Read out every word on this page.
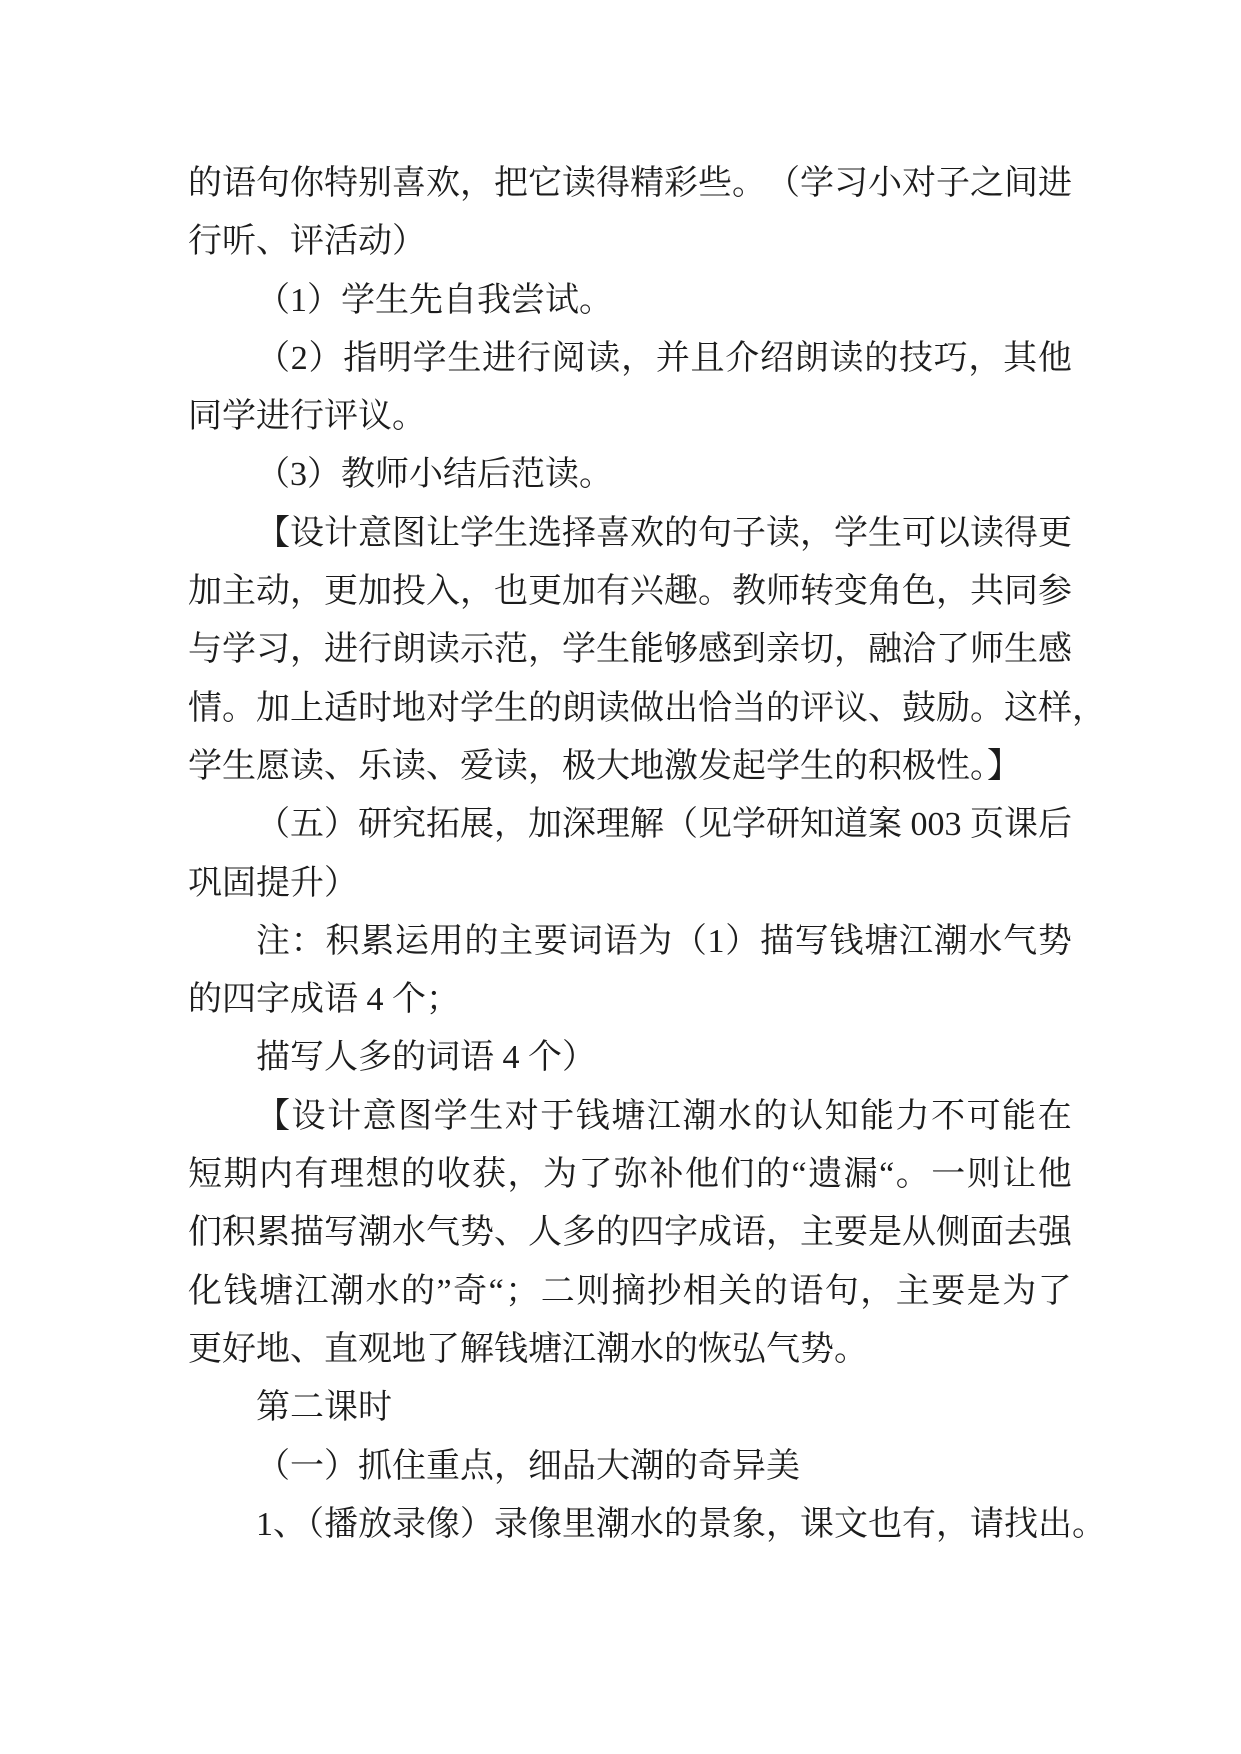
的 语 句 你 特 别 喜 欢 ， 把 它 读 得 精 彩 些 。 （ 学 习 小 对 子 之 间 进
行听、评活动）
（1）学生先自我尝试。
（ 2 ） 指 明 学 生 进 行 阅 读 ， 并 且 介 绍 朗 读 的 技 巧 ， 其 他
同学进行评议。
（3）教师小结后范读。
【 设 计 意 图 让 学 生 选 择 喜 欢 的 句 子 读 ， 学 生 可 以 读 得 更
加 主 动 ， 更 加 投 入 ， 也 更 加 有 兴 趣 。 教 师 转 变 角 色 ， 共 同 参
与 学 习 ， 进 行 朗 读 示 范 ， 学 生 能 够 感 到 亲 切 ， 融 洽 了 师 生 感
情 。 加 上 适 时 地 对 学 生 的 朗 读 做 出 恰 当 的 评 议 、 鼓 励 。 这 样 ，
学生愿读、乐读、爱读，极大地激发起学生的积极性。】
（ 五 ） 研 究 拓 展 ， 加 深 理 解 （ 见 学 研 知 道 案
0 0 3
页 课 后
巩固提升）
注 ： 积 累 运 用 的 主 要 词 语 为 （ 1 ） 描 写 钱 塘 江 潮 水 气 势
的四字成语 4 个；
描写人多的词语 4 个）
【 设 计 意 图 学 生 对 于 钱 塘 江 潮 水 的 认 知 能 力 不 可 能 在
短 期 内 有 理 想 的 收 获 ， 为 了 弥 补 他 们 的 “ 遗 漏 “ 。 一 则 让 他
们 积 累 描 写 潮 水 气 势 、 人 多 的 四 字 成 语 ， 主 要 是 从 侧 面 去 强
化 钱 塘 江 潮 水 的 ” 奇 “ ； 二 则 摘 抄 相 关 的 语 句 ， 主 要 是 为 了
更好地、直观地了解钱塘江潮水的恢弘气势。
第二课时
（一）抓住重点，细品大潮的奇异美
1、（播放录像）录像里潮水的景象，课文也有，请找出。
